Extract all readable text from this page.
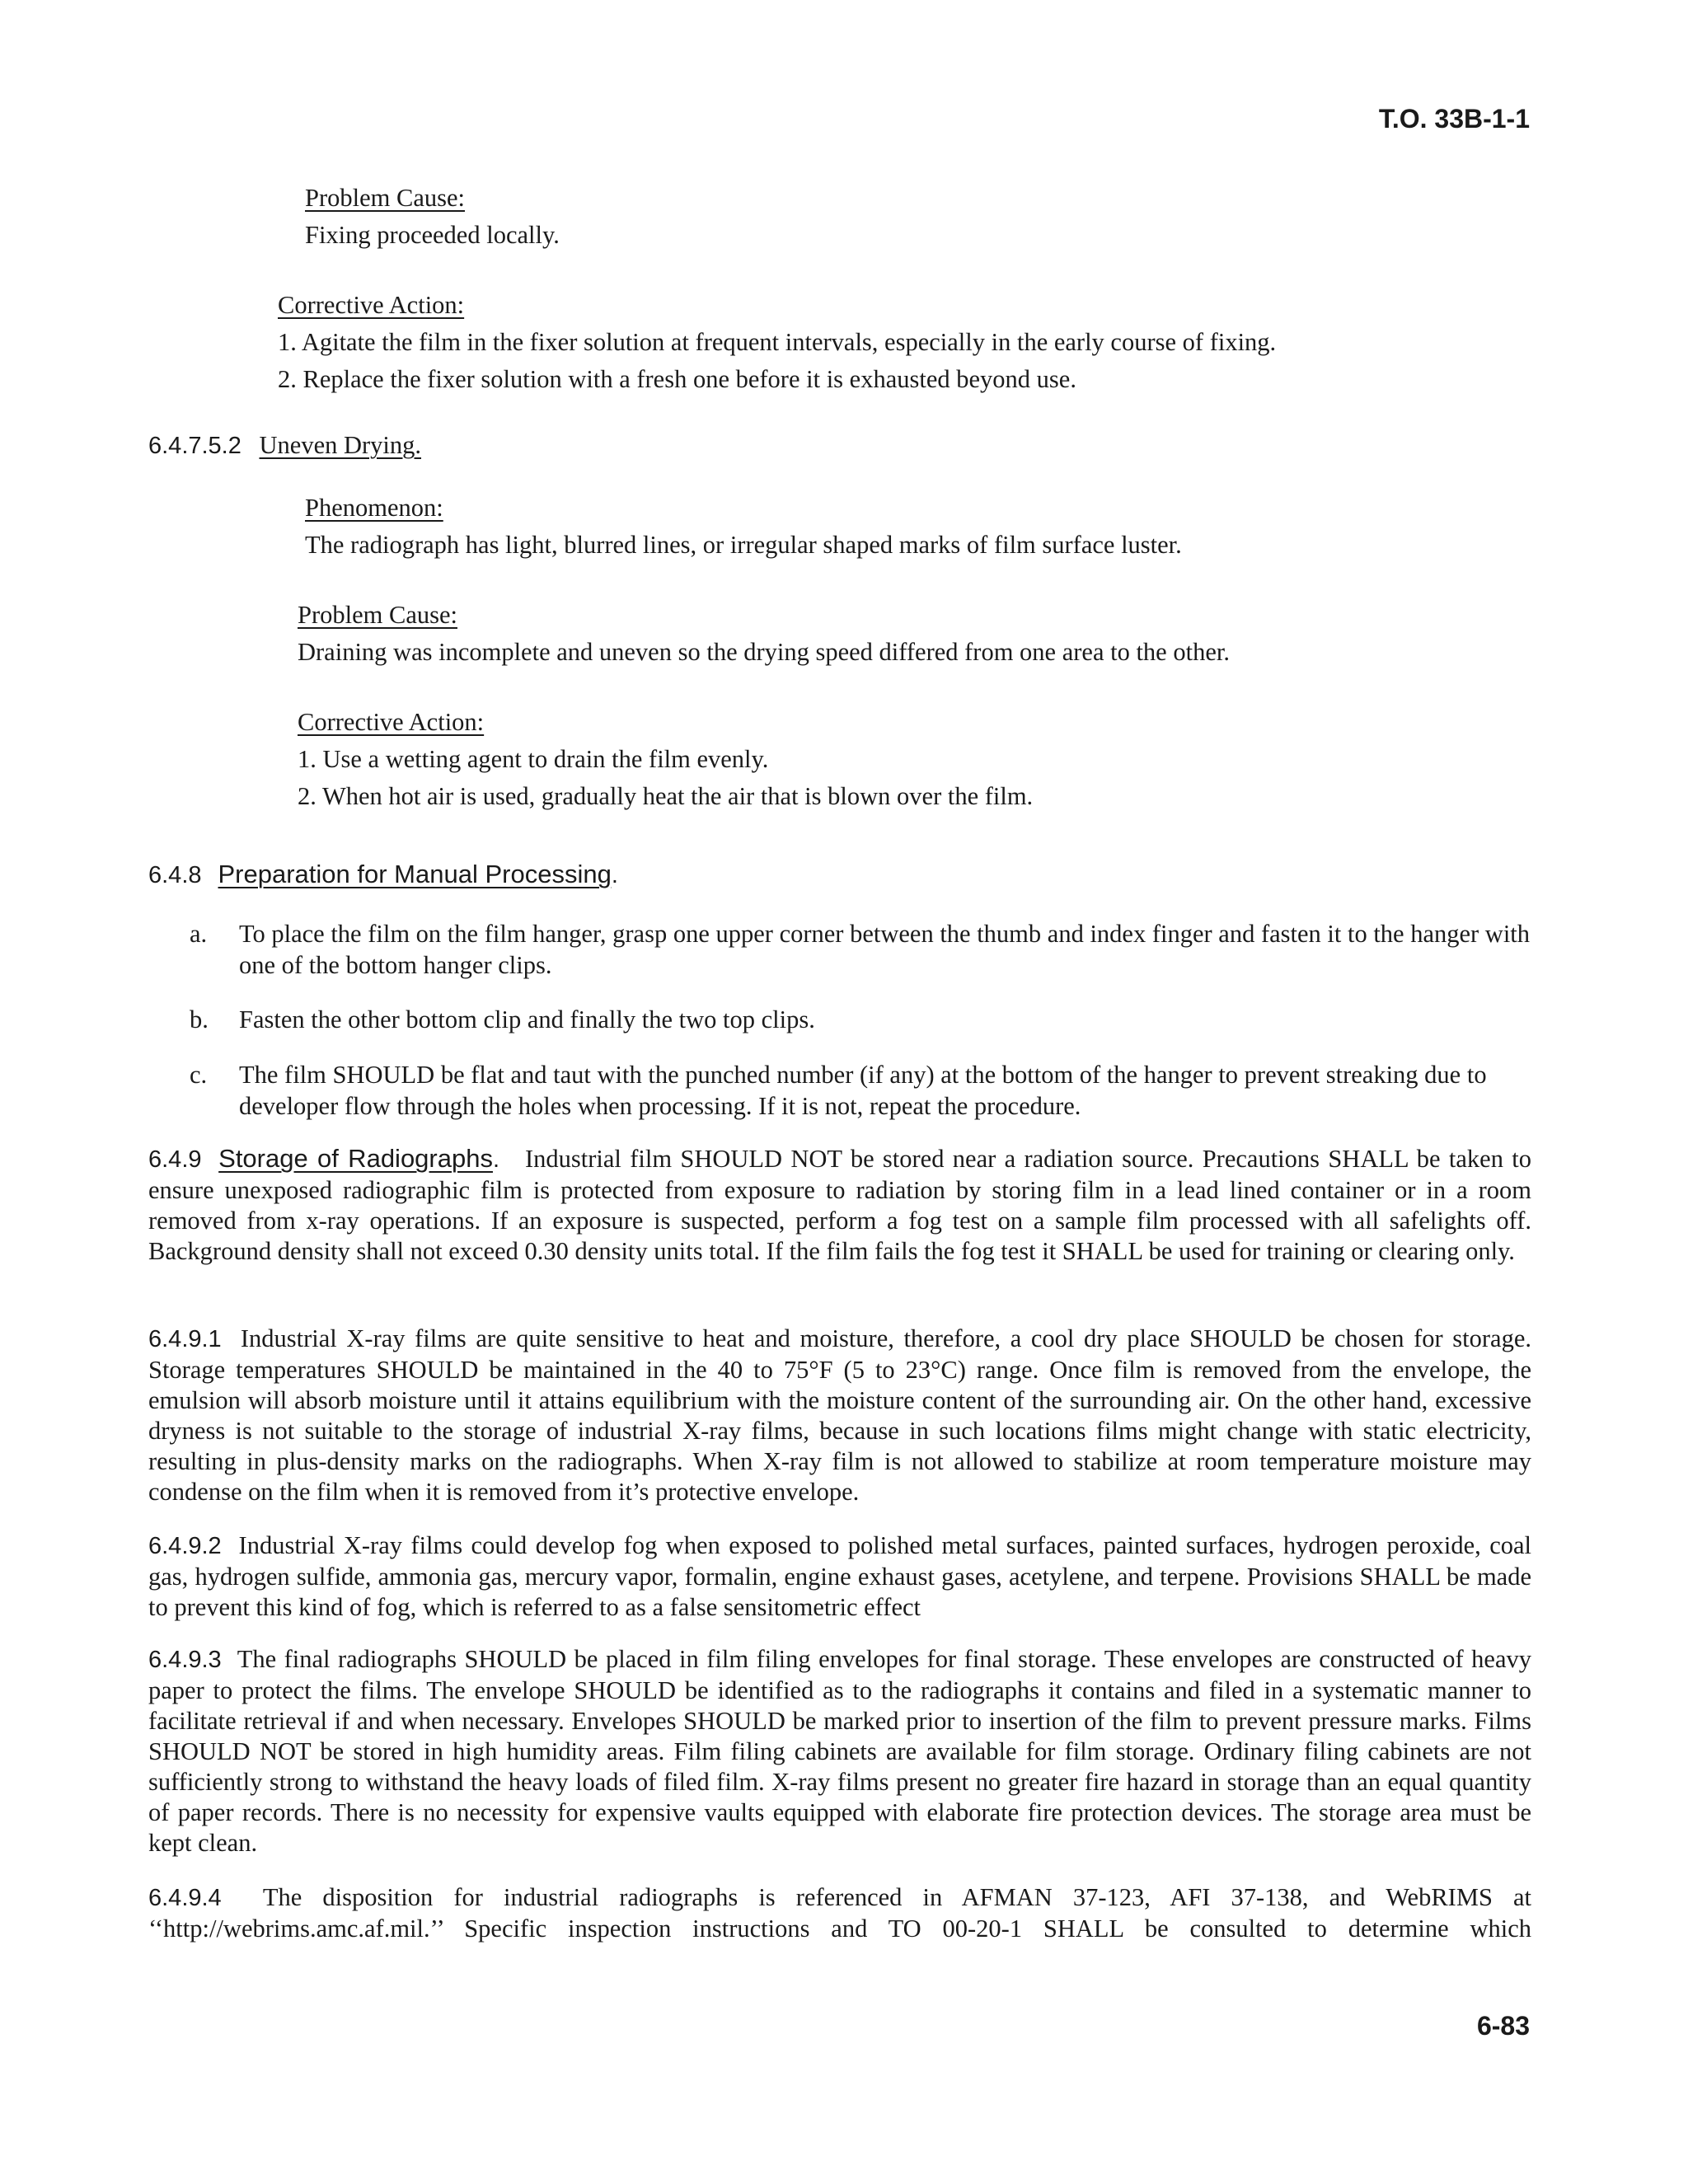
T.O. 33B-1-1
Problem Cause:
Fixing proceeded locally.
Corrective Action:
1. Agitate the film in the fixer solution at frequent intervals, especially in the early course of fixing.
2. Replace the fixer solution with a fresh one before it is exhausted beyond use.
6.4.7.5.2 Uneven Drying.
Phenomenon:
The radiograph has light, blurred lines, or irregular shaped marks of film surface luster.
Problem Cause:
Draining was incomplete and uneven so the drying speed differed from one area to the other.
Corrective Action:
1. Use a wetting agent to drain the film evenly.
2. When hot air is used, gradually heat the air that is blown over the film.
6.4.8 Preparation for Manual Processing.
a. To place the film on the film hanger, grasp one upper corner between the thumb and index finger and fasten it to the hanger with one of the bottom hanger clips.
b. Fasten the other bottom clip and finally the two top clips.
c. The film SHOULD be flat and taut with the punched number (if any) at the bottom of the hanger to prevent streaking due to developer flow through the holes when processing. If it is not, repeat the procedure.
6.4.9 Storage of Radiographs. Industrial film SHOULD NOT be stored near a radiation source. Precautions SHALL be taken to ensure unexposed radiographic film is protected from exposure to radiation by storing film in a lead lined container or in a room removed from x-ray operations. If an exposure is suspected, perform a fog test on a sample film processed with all safelights off. Background density shall not exceed 0.30 density units total. If the film fails the fog test it SHALL be used for training or clearing only.
6.4.9.1 Industrial X-ray films are quite sensitive to heat and moisture, therefore, a cool dry place SHOULD be chosen for storage. Storage temperatures SHOULD be maintained in the 40 to 75°F (5 to 23°C) range. Once film is removed from the envelope, the emulsion will absorb moisture until it attains equilibrium with the moisture content of the surrounding air. On the other hand, excessive dryness is not suitable to the storage of industrial X-ray films, because in such locations films might change with static electricity, resulting in plus-density marks on the radiographs. When X-ray film is not allowed to stabilize at room temperature moisture may condense on the film when it is removed from it’s protective envelope.
6.4.9.2 Industrial X-ray films could develop fog when exposed to polished metal surfaces, painted surfaces, hydrogen peroxide, coal gas, hydrogen sulfide, ammonia gas, mercury vapor, formalin, engine exhaust gases, acetylene, and terpene. Provisions SHALL be made to prevent this kind of fog, which is referred to as a false sensitometric effect
6.4.9.3 The final radiographs SHOULD be placed in film filing envelopes for final storage. These envelopes are constructed of heavy paper to protect the films. The envelope SHOULD be identified as to the radiographs it contains and filed in a systematic manner to facilitate retrieval if and when necessary. Envelopes SHOULD be marked prior to insertion of the film to prevent pressure marks. Films SHOULD NOT be stored in high humidity areas. Film filing cabinets are available for film storage. Ordinary filing cabinets are not sufficiently strong to withstand the heavy loads of filed film. X-ray films present no greater fire hazard in storage than an equal quantity of paper records. There is no necessity for expensive vaults equipped with elaborate fire protection devices. The storage area must be kept clean.
6.4.9.4 The disposition for industrial radiographs is referenced in AFMAN 37-123, AFI 37-138, and WebRIMS at ‘‘http://webrims.amc.af.mil.’’ Specific inspection instructions and TO 00-20-1 SHALL be consulted to determine which
6-83
